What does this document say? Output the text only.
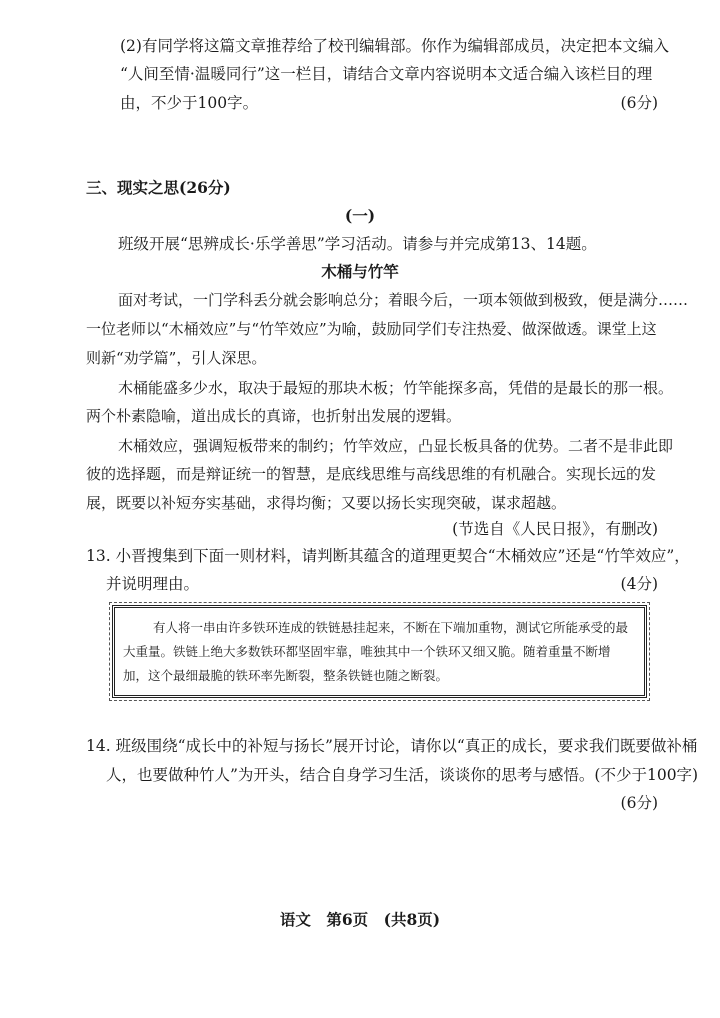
(2)有同学将这篇文章推荐给了校刊编辑部。你作为编辑部成员，决定把本文编入
“人间至情·温暖同行”这一栏目，请结合文章内容说明本文适合编入该栏目的理
由，不少于100字。	(6分)
三、现实之思(26分)
(一)
班级开展“思辨成长·乐学善思”学习活动。请参与并完成第13、14题。
木桶与竹竿
面对考试，一门学科丢分就会影响总分；着眼今后，一项本领做到极致，便是满分……
一位老师以“木桶效应”与“竹竿效应”为喻，鼓励同学们专注热爱、做深做透。课堂上这
则新“劝学篇”，引人深思。
木桶能盛多少水，取决于最短的那块木板；竹竿能探多高，凭借的是最长的那一根。
两个朴素隐喻，道出成长的真谛，也折射出发展的逻辑。
木桶效应，强调短板带来的制约；竹竿效应，凸显长板具备的优势。二者不是非此即
彼的选择题，而是辩证统一的智慧，是底线思维与高线思维的有机融合。实现长远的发
展，既要以补短夯实基础，求得均衡；又要以扬长实现突破，谋求超越。
(节选自《人民日报》，有删改)
13. 小晋搜集到下面一则材料，请判断其蕴含的道理更契合“木桶效应”还是“竹竿效应”，
并说明理由。	(4分)
有人将一串由许多铁环连成的铁链悬挂起来，不断在下端加重物，测试它所能承受的最
大重量。铁链上绝大多数铁环都坚固牢靠，唯独其中一个铁环又细又脆。随着重量不断增
加，这个最细最脆的铁环率先断裂，整条铁链也随之断裂。
14. 班级围绕“成长中的补短与扬长”展开讨论，请你以“真正的成长，要求我们既要做补桶
人，也要做种竹人”为开头，结合自身学习生活，谈谈你的思考与感悟。(不少于100字)
(6分)
语文　第6页　(共8页)
